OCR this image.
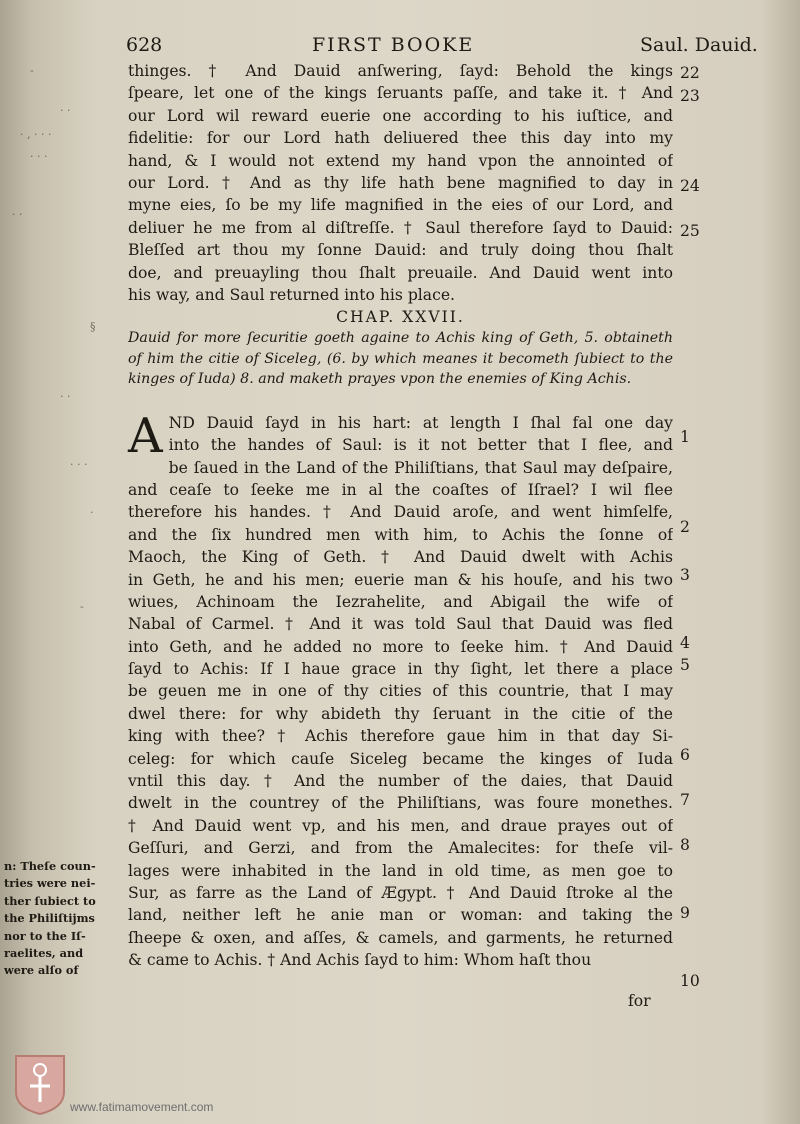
628	FIRST BOOKE	Saul. Dauid.
thinges. † And Dauid anſwering, ſayd: Behold the kings
ſpeare, let one of the kings ſeruants paſſe, and take it. † And
our Lord wil reward euerie one according to his iuſtice, and
fidelitie: for our Lord hath deliuered thee this day into my
hand, & I would not extend my hand vpon the annointed of
our Lord. † And as thy life hath bene magnified to day in
myne eies, ſo be my life magnified in the eies of our Lord, and
deliuer he me from al diſtreſſe. † Saul therefore ſayd to Dauid:
Bleſſed art thou my ſonne Dauid: and truly doing thou ſhalt
doe, and preuayling thou ſhalt preuaile. And Dauid went into
his way, and Saul returned into his place.
CHAP. XXVII.
Dauid for more ſecuritie goeth againe to Achis king of Geth, 5. obtaineth
of him the citie of Siceleg, (6. by which meanes it becometh ſubiect to the
kinges of Iuda) 8. and maketh prayes vpon the enemies of King Achis.
A ND Dauid ſayd in his hart: at length I ſhal fal one day
into the handes of Saul: is it not better that I flee, and
be ſaued in the Land of the Philiſtians, that Saul may deſpaire,
and ceaſe to ſeeke me in al the coaſtes of Iſrael? I wil flee
therefore his handes. † And Dauid aroſe, and went himſelfe,
and the ſix hundred men with him, to Achis the ſonne of
Maoch, the King of Geth. † And Dauid dwelt with Achis
in Geth, he and his men; euerie man & his houſe, and his two
wiues, Achinoam the Iezrahelite, and Abigail the wife of
Nabal of Carmel. † And it was told Saul that Dauid was fled
into Geth, and he added no more to ſeeke him. † And Dauid
ſayd to Achis: If I haue grace in thy ſight, let there a place
be geuen me in one of thy cities of this countrie, that I may
dwel there: for why abideth thy ſeruant in the citie of the
king with thee? † Achis therefore gaue him in that day Si-
celeg: for which cauſe Siceleg became the kinges of Iuda
vntil this day. † And the number of the daies, that Dauid
dwelt in the countrey of the Philiſtians, was foure monethes.
† And Dauid went vp, and his men, and draue prayes out of
Geſſuri, and Gerzi, and from the Amalecites: for theſe vil-
lages were inhabited in the land in old time, as men goe to
Sur, as farre as the Land of Ægypt. † And Dauid ſtroke al the
land, neither left he anie man or woman: and taking the
ſheepe & oxen, and aſſes, & camels, and garments, he returned
& came to Achis. † And Achis ſayd to him: Whom haſt thou
22
23
24
25
1
2
3
4
5
6
7
8
9
10
n: Theſe coun-
tries were nei-
ther ſubiect to
the Philiſtijms
nor to the Iſ-
raelites, and
were alſo of
-
· ·
· ‚ · · ·
· · ·
· ·
§
· ·
· · ·
·
-
for
www.fatimamovement.com
